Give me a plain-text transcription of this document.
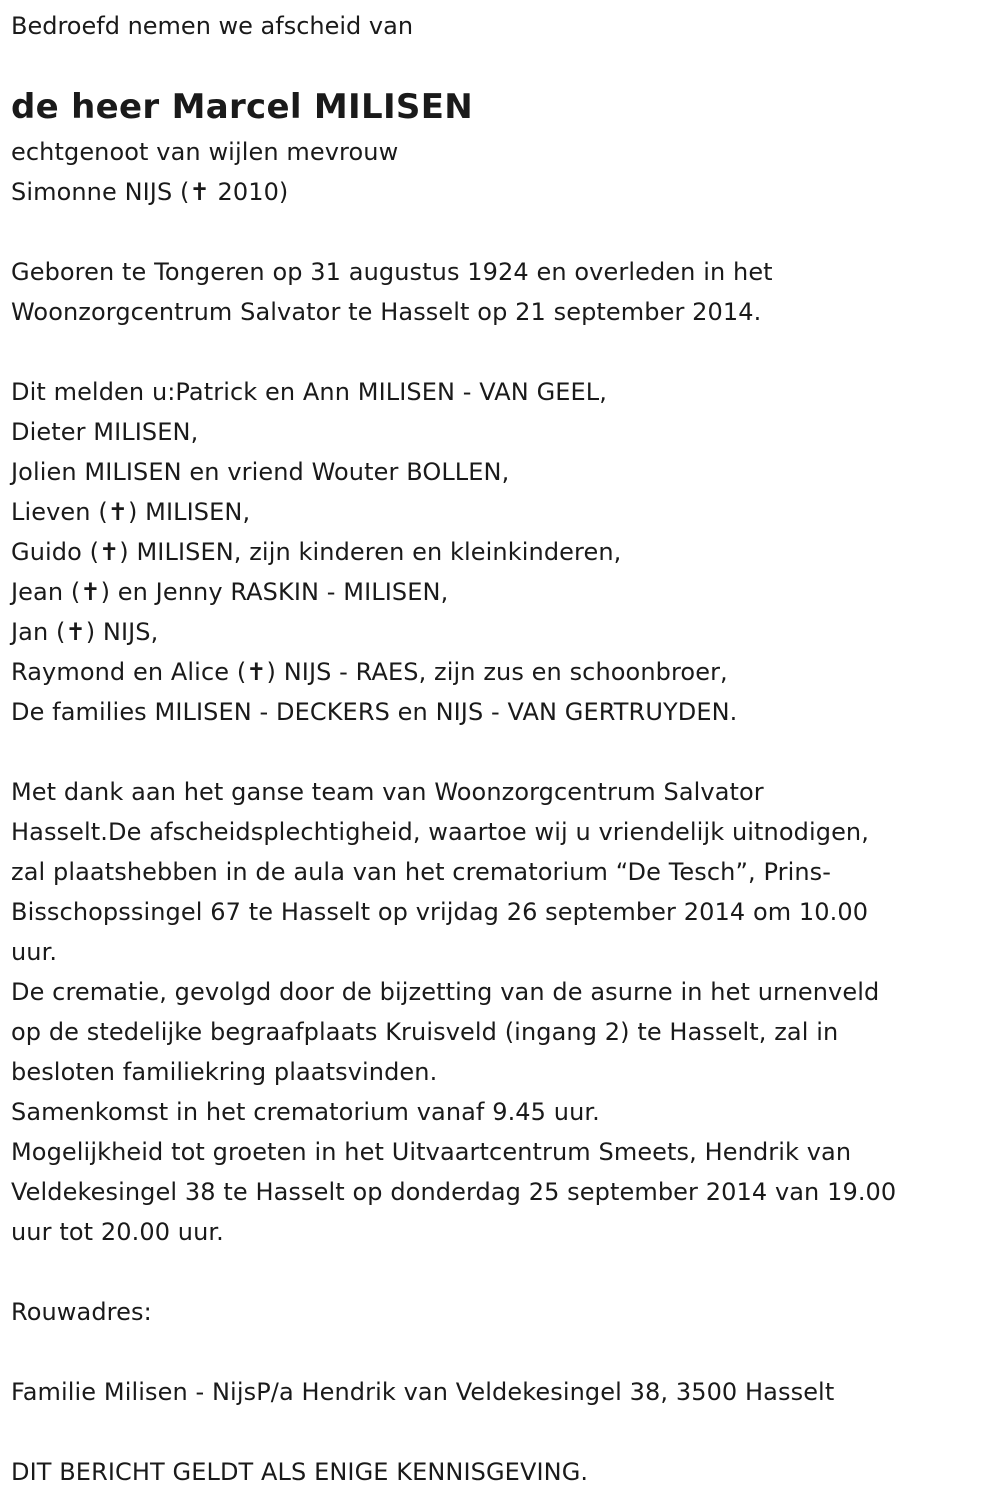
Bedroefd nemen we afscheid van
de heer Marcel MILISEN
echtgenoot van wijlen mevrouw
Simonne NIJS (✝ 2010)
Geboren te Tongeren op 31 augustus 1924 en overleden in het
Woonzorgcentrum Salvator te Hasselt op 21 september 2014.
Dit melden u:Patrick en Ann MILISEN - VAN GEEL,
Dieter MILISEN,
Jolien MILISEN en vriend Wouter BOLLEN,
Lieven (✝) MILISEN,
Guido (✝) MILISEN, zijn kinderen en kleinkinderen,
Jean (✝) en Jenny RASKIN - MILISEN,
Jan (✝) NIJS,
Raymond en Alice (✝) NIJS - RAES, zijn zus en schoonbroer,
De families MILISEN - DECKERS en NIJS - VAN GERTRUYDEN.
Met dank aan het ganse team van Woonzorgcentrum Salvator
Hasselt.De afscheidsplechtigheid, waartoe wij u vriendelijk uitnodigen,
zal plaatshebben in de aula van het crematorium “De Tesch”, Prins-
Bisschopssingel 67 te Hasselt op vrijdag 26 september 2014 om 10.00
uur.
De crematie, gevolgd door de bijzetting van de asurne in het urnenveld
op de stedelijke begraafplaats Kruisveld (ingang 2) te Hasselt, zal in
besloten familiekring plaatsvinden.
Samenkomst in het crematorium vanaf 9.45 uur.
Mogelijkheid tot groeten in het Uitvaartcentrum Smeets, Hendrik van
Veldekesingel 38 te Hasselt op donderdag 25 september 2014 van 19.00
uur tot 20.00 uur.
Rouwadres:
Familie Milisen - NijsP/a Hendrik van Veldekesingel 38, 3500 Hasselt
DIT BERICHT GELDT ALS ENIGE KENNISGEVING.
